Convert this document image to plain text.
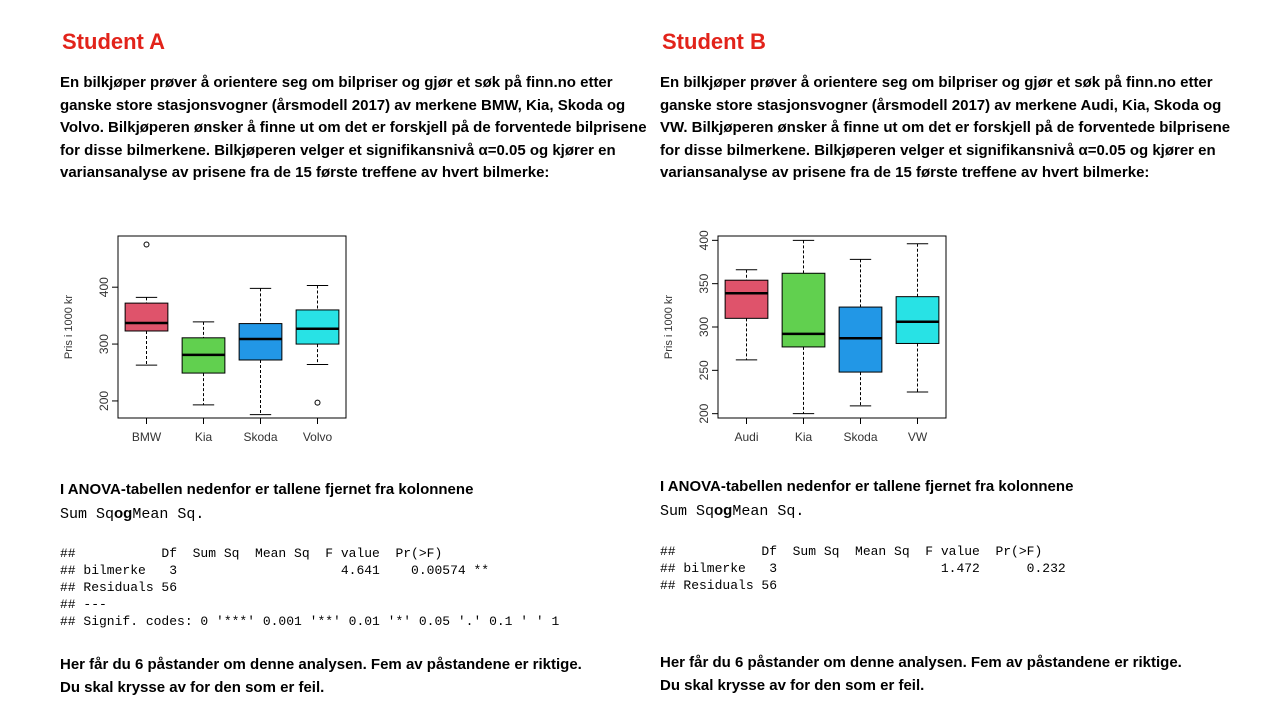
Student A
En bilkjøper prøver å orientere seg om bilpriser og gjør et søk på finn.no etter ganske store stasjonsvogner (årsmodell 2017) av merkene BMW, Kia, Skoda og Volvo. Bilkjøperen ønsker å finne ut om det er forskjell på de forventede bilprisene for disse bilmerkene. Bilkjøperen velger et signifikansnivå α=0.05 og kjører en variansanalyse av prisene fra de 15 første treffene av hvert bilmerke:
200
300
400
Pris i 1000 kr
BMW	Kia	Skoda Volvo
I ANOVA-tabellen nedenfor er tallene fjernet fra kolonnene
Sum SqogMean Sq.
##           Df  Sum Sq  Mean Sq  F value  Pr(>F)
## bilmerke   3                     4.641    0.00574 **
## Residuals 56
## ---
## Signif. codes: 0 '***' 0.001 '**' 0.01 '*' 0.05 '.' 0.1 ' ' 1
Her får du 6 påstander om denne analysen. Fem av påstandene er riktige.
Du skal krysse av for den som er feil.
Student B
En bilkjøper prøver å orientere seg om bilpriser og gjør et søk på finn.no etter ganske store stasjonsvogner (årsmodell 2017) av merkene Audi, Kia, Skoda og VW. Bilkjøperen ønsker å finne ut om det er forskjell på de forventede bilprisene for disse bilmerkene. Bilkjøperen velger et signifikansnivå α=0.05 og kjører en variansanalyse av prisene fra de 15 første treffene av hvert bilmerke:
200
250
300
350
400
Pris i 1000 kr
Audi	Kia	Skoda	VW
I ANOVA-tabellen nedenfor er tallene fjernet fra kolonnene
Sum SqogMean Sq.
##           Df  Sum Sq  Mean Sq  F value  Pr(>F)
## bilmerke   3                     1.472      0.232
## Residuals 56
Her får du 6 påstander om denne analysen. Fem av påstandene er riktige.
Du skal krysse av for den som er feil.
